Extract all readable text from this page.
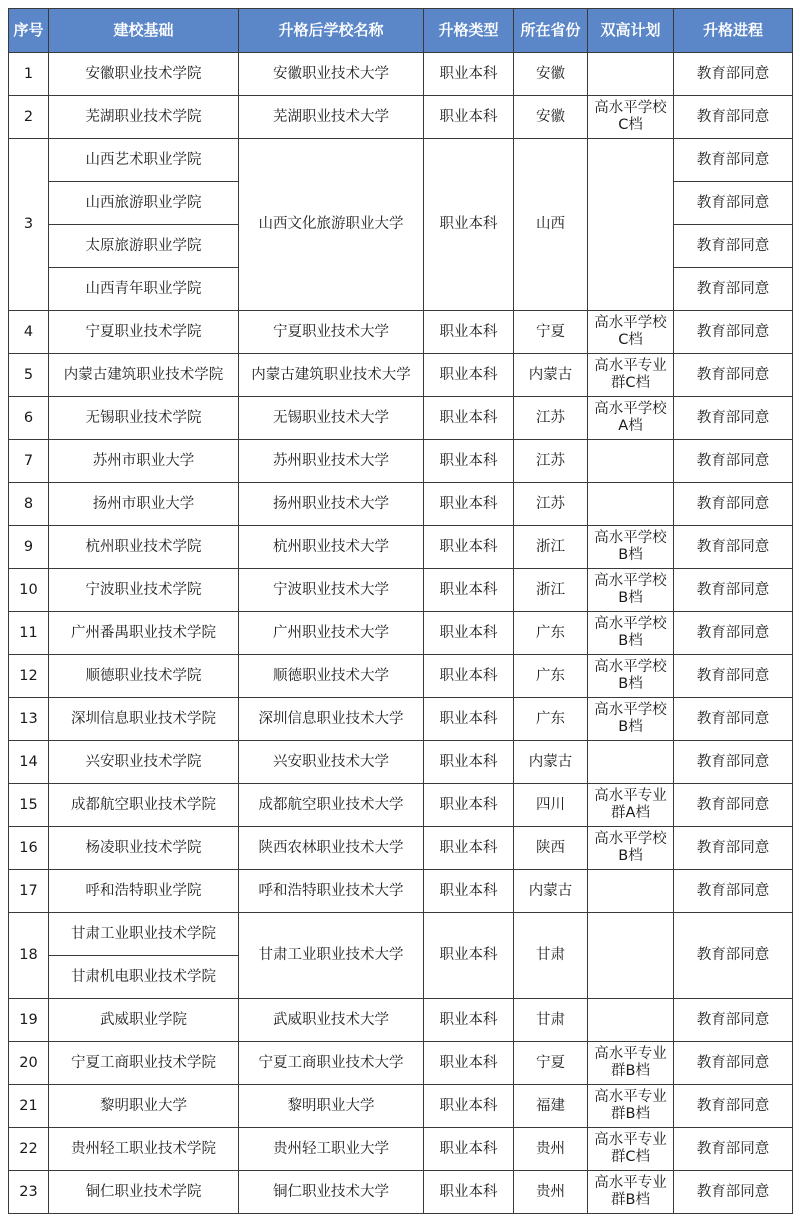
序号	建校基础	升格后学校名称	升格类型	所在省份	双高计划	升格进程
1	安徽职业技术学院	安徽职业技术大学	职业本科	安徽		教育部同意
2	芜湖职业技术学院	芜湖职业技术大学	职业本科	安徽	高水平学校C档	教育部同意
3	山西艺术职业学院	山西文化旅游职业大学	职业本科	山西		教育部同意
	山西旅游职业学院					教育部同意
	太原旅游职业学院					教育部同意
	山西青年职业学院					教育部同意
4	宁夏职业技术学院	宁夏职业技术大学	职业本科	宁夏	高水平学校C档	教育部同意
5	内蒙古建筑职业技术学院	内蒙古建筑职业技术大学	职业本科	内蒙古	高水平专业群C档	教育部同意
6	无锡职业技术学院	无锡职业技术大学	职业本科	江苏	高水平学校A档	教育部同意
7	苏州市职业大学	苏州职业技术大学	职业本科	江苏		教育部同意
8	扬州市职业大学	扬州职业技术大学	职业本科	江苏		教育部同意
9	杭州职业技术学院	杭州职业技术大学	职业本科	浙江	高水平学校B档	教育部同意
10	宁波职业技术学院	宁波职业技术大学	职业本科	浙江	高水平学校B档	教育部同意
11	广州番禺职业技术学院	广州职业技术大学	职业本科	广东	高水平学校B档	教育部同意
12	顺德职业技术学院	顺德职业技术大学	职业本科	广东	高水平学校B档	教育部同意
13	深圳信息职业技术学院	深圳信息职业技术大学	职业本科	广东	高水平学校B档	教育部同意
14	兴安职业技术学院	兴安职业技术大学	职业本科	内蒙古		教育部同意
15	成都航空职业技术学院	成都航空职业技术大学	职业本科	四川	高水平专业群A档	教育部同意
16	杨凌职业技术学院	陕西农林职业技术大学	职业本科	陕西	高水平学校B档	教育部同意
17	呼和浩特职业学院	呼和浩特职业技术大学	职业本科	内蒙古		教育部同意
18	甘肃工业职业技术学院	甘肃工业职业技术大学	职业本科	甘肃		教育部同意
	甘肃机电职业技术学院					
19	武威职业学院	武威职业技术大学	职业本科	甘肃		教育部同意
20	宁夏工商职业技术学院	宁夏工商职业技术大学	职业本科	宁夏	高水平专业群B档	教育部同意
21	黎明职业大学	黎明职业大学	职业本科	福建	高水平专业群B档	教育部同意
22	贵州轻工职业技术学院	贵州轻工职业大学	职业本科	贵州	高水平专业群C档	教育部同意
23	铜仁职业技术学院	铜仁职业技术大学	职业本科	贵州	高水平专业群B档	教育部同意
